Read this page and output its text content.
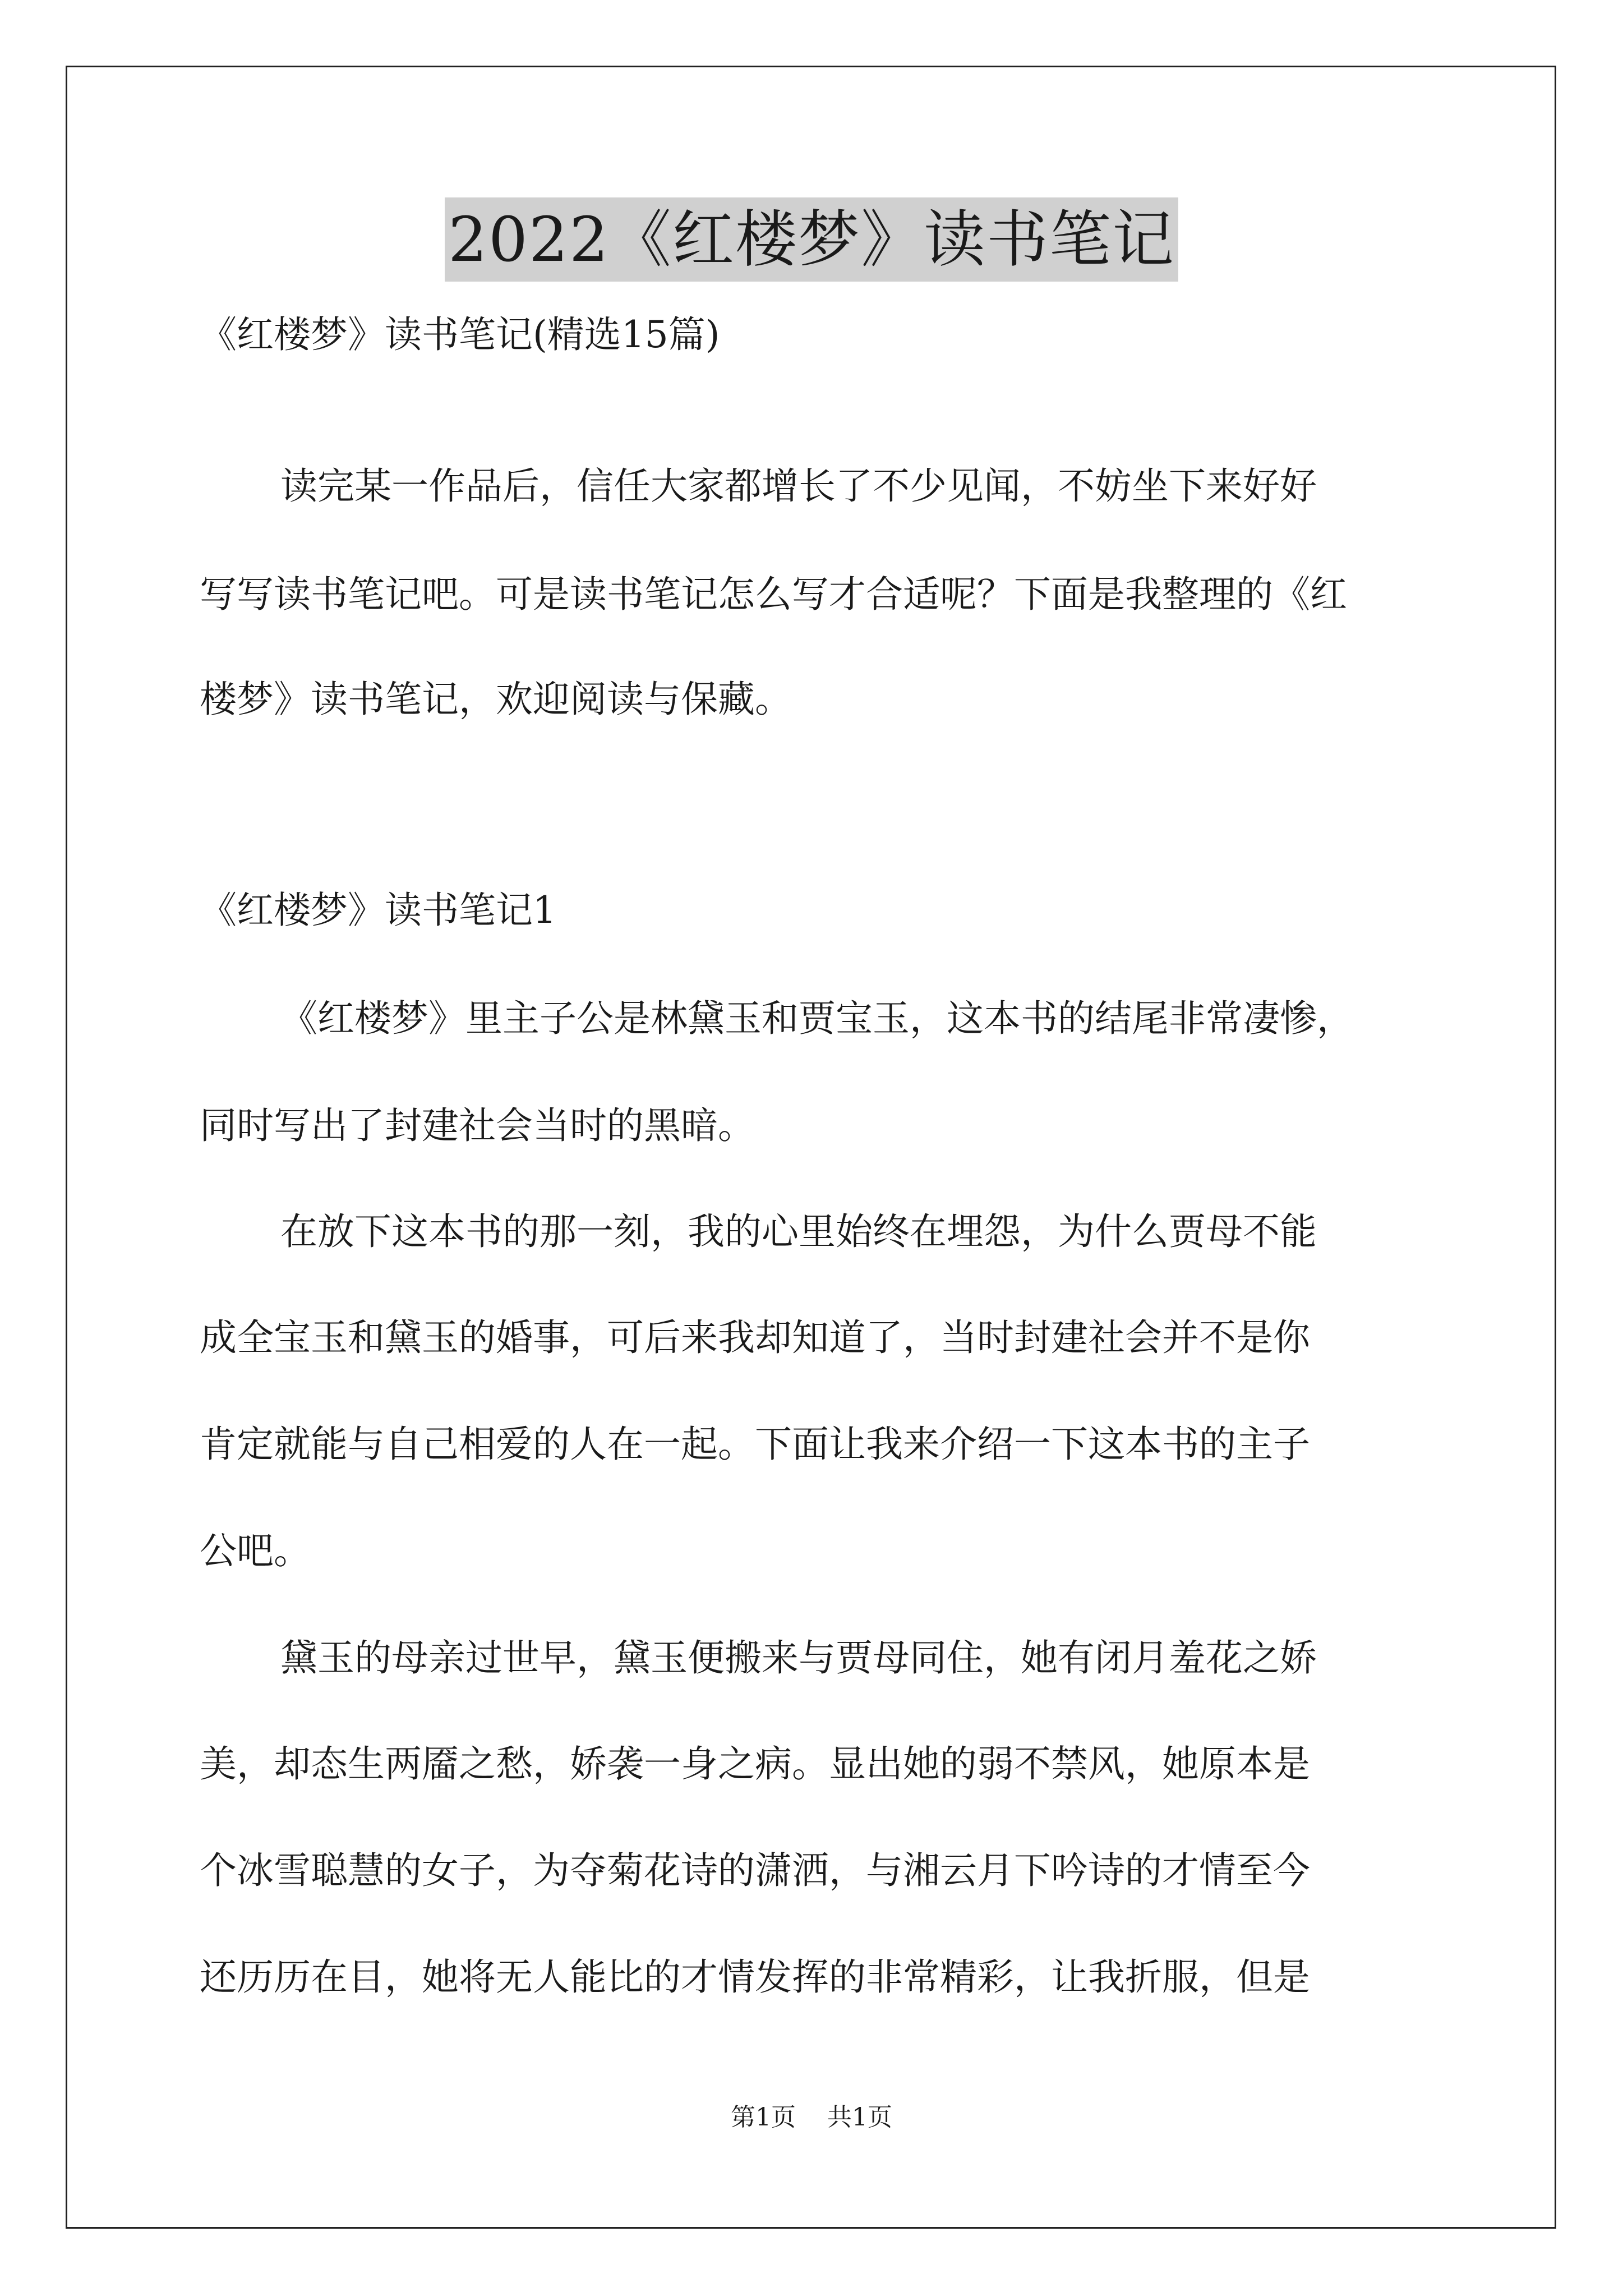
2022《红楼梦》读书笔记
《红楼梦》读书笔记(精选15篇)
读完某一作品后，信任大家都增长了不少见闻，不妨坐下来好好
写写读书笔记吧。可是读书笔记怎么写才合适呢？下面是我整理的《红
楼梦》读书笔记，欢迎阅读与保藏。
《红楼梦》读书笔记1
《红楼梦》里主子公是林黛玉和贾宝玉，这本书的结尾非常凄惨，
同时写出了封建社会当时的黑暗。
在放下这本书的那一刻，我的心里始终在埋怨，为什么贾母不能
成全宝玉和黛玉的婚事，可后来我却知道了，当时封建社会并不是你
肯定就能与自己相爱的人在一起。下面让我来介绍一下这本书的主子
公吧。
黛玉的母亲过世早，黛玉便搬来与贾母同住，她有闭月羞花之娇
美，却态生两靥之愁，娇袭一身之病。显出她的弱不禁风，她原本是
个冰雪聪慧的女子，为夺菊花诗的潇洒，与湘云月下吟诗的才情至今
还历历在目，她将无人能比的才情发挥的非常精彩，让我折服，但是
第1页 共1页
